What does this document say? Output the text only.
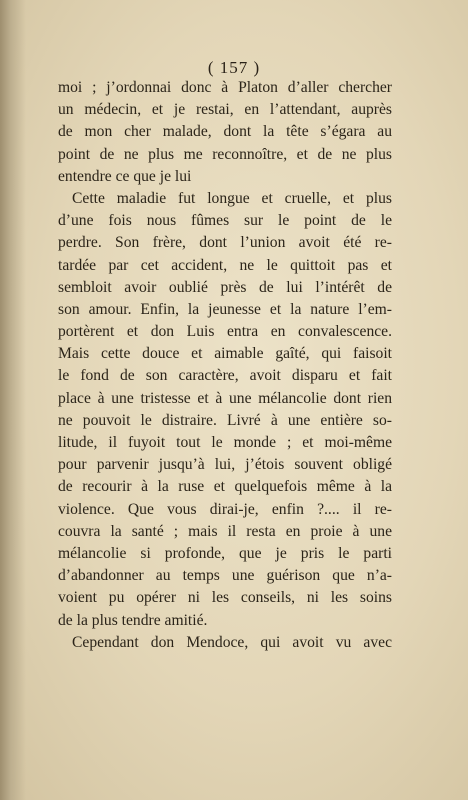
( 157 )
moi ; j’ordonnai donc à Platon d’aller chercher
un médecin, et je restai, en l’attendant, auprès
de mon cher malade, dont la tête s’égara au
point de ne plus me reconnoître, et de ne plus
entendre ce que je lui
Cette maladie fut longue et cruelle, et plus
d’une fois nous fûmes sur le point de le
perdre. Son frère, dont l’union avoit été re-
tardée par cet accident, ne le quittoit pas et
sembloit avoir oublié près de lui l’intérêt de
son amour. Enfin, la jeunesse et la nature l’em-
portèrent et don Luis entra en convalescence.
Mais cette douce et aimable gaîté, qui faisoit
le fond de son caractère, avoit disparu et fait
place à une tristesse et à une mélancolie dont rien
ne pouvoit le distraire. Livré à une entière so-
litude, il fuyoit tout le monde ; et moi-même
pour parvenir jusqu’à lui, j’étois souvent obligé
de recourir à la ruse et quelquefois même à la
violence. Que vous dirai-je, enfin ?.... il re-
couvra la santé ; mais il resta en proie à une
mélancolie si profonde, que je pris le parti
d’abandonner au temps une guérison que n’a-
voient pu opérer ni les conseils, ni les soins
de la plus tendre amitié.
Cependant don Mendoce, qui avoit vu avec
